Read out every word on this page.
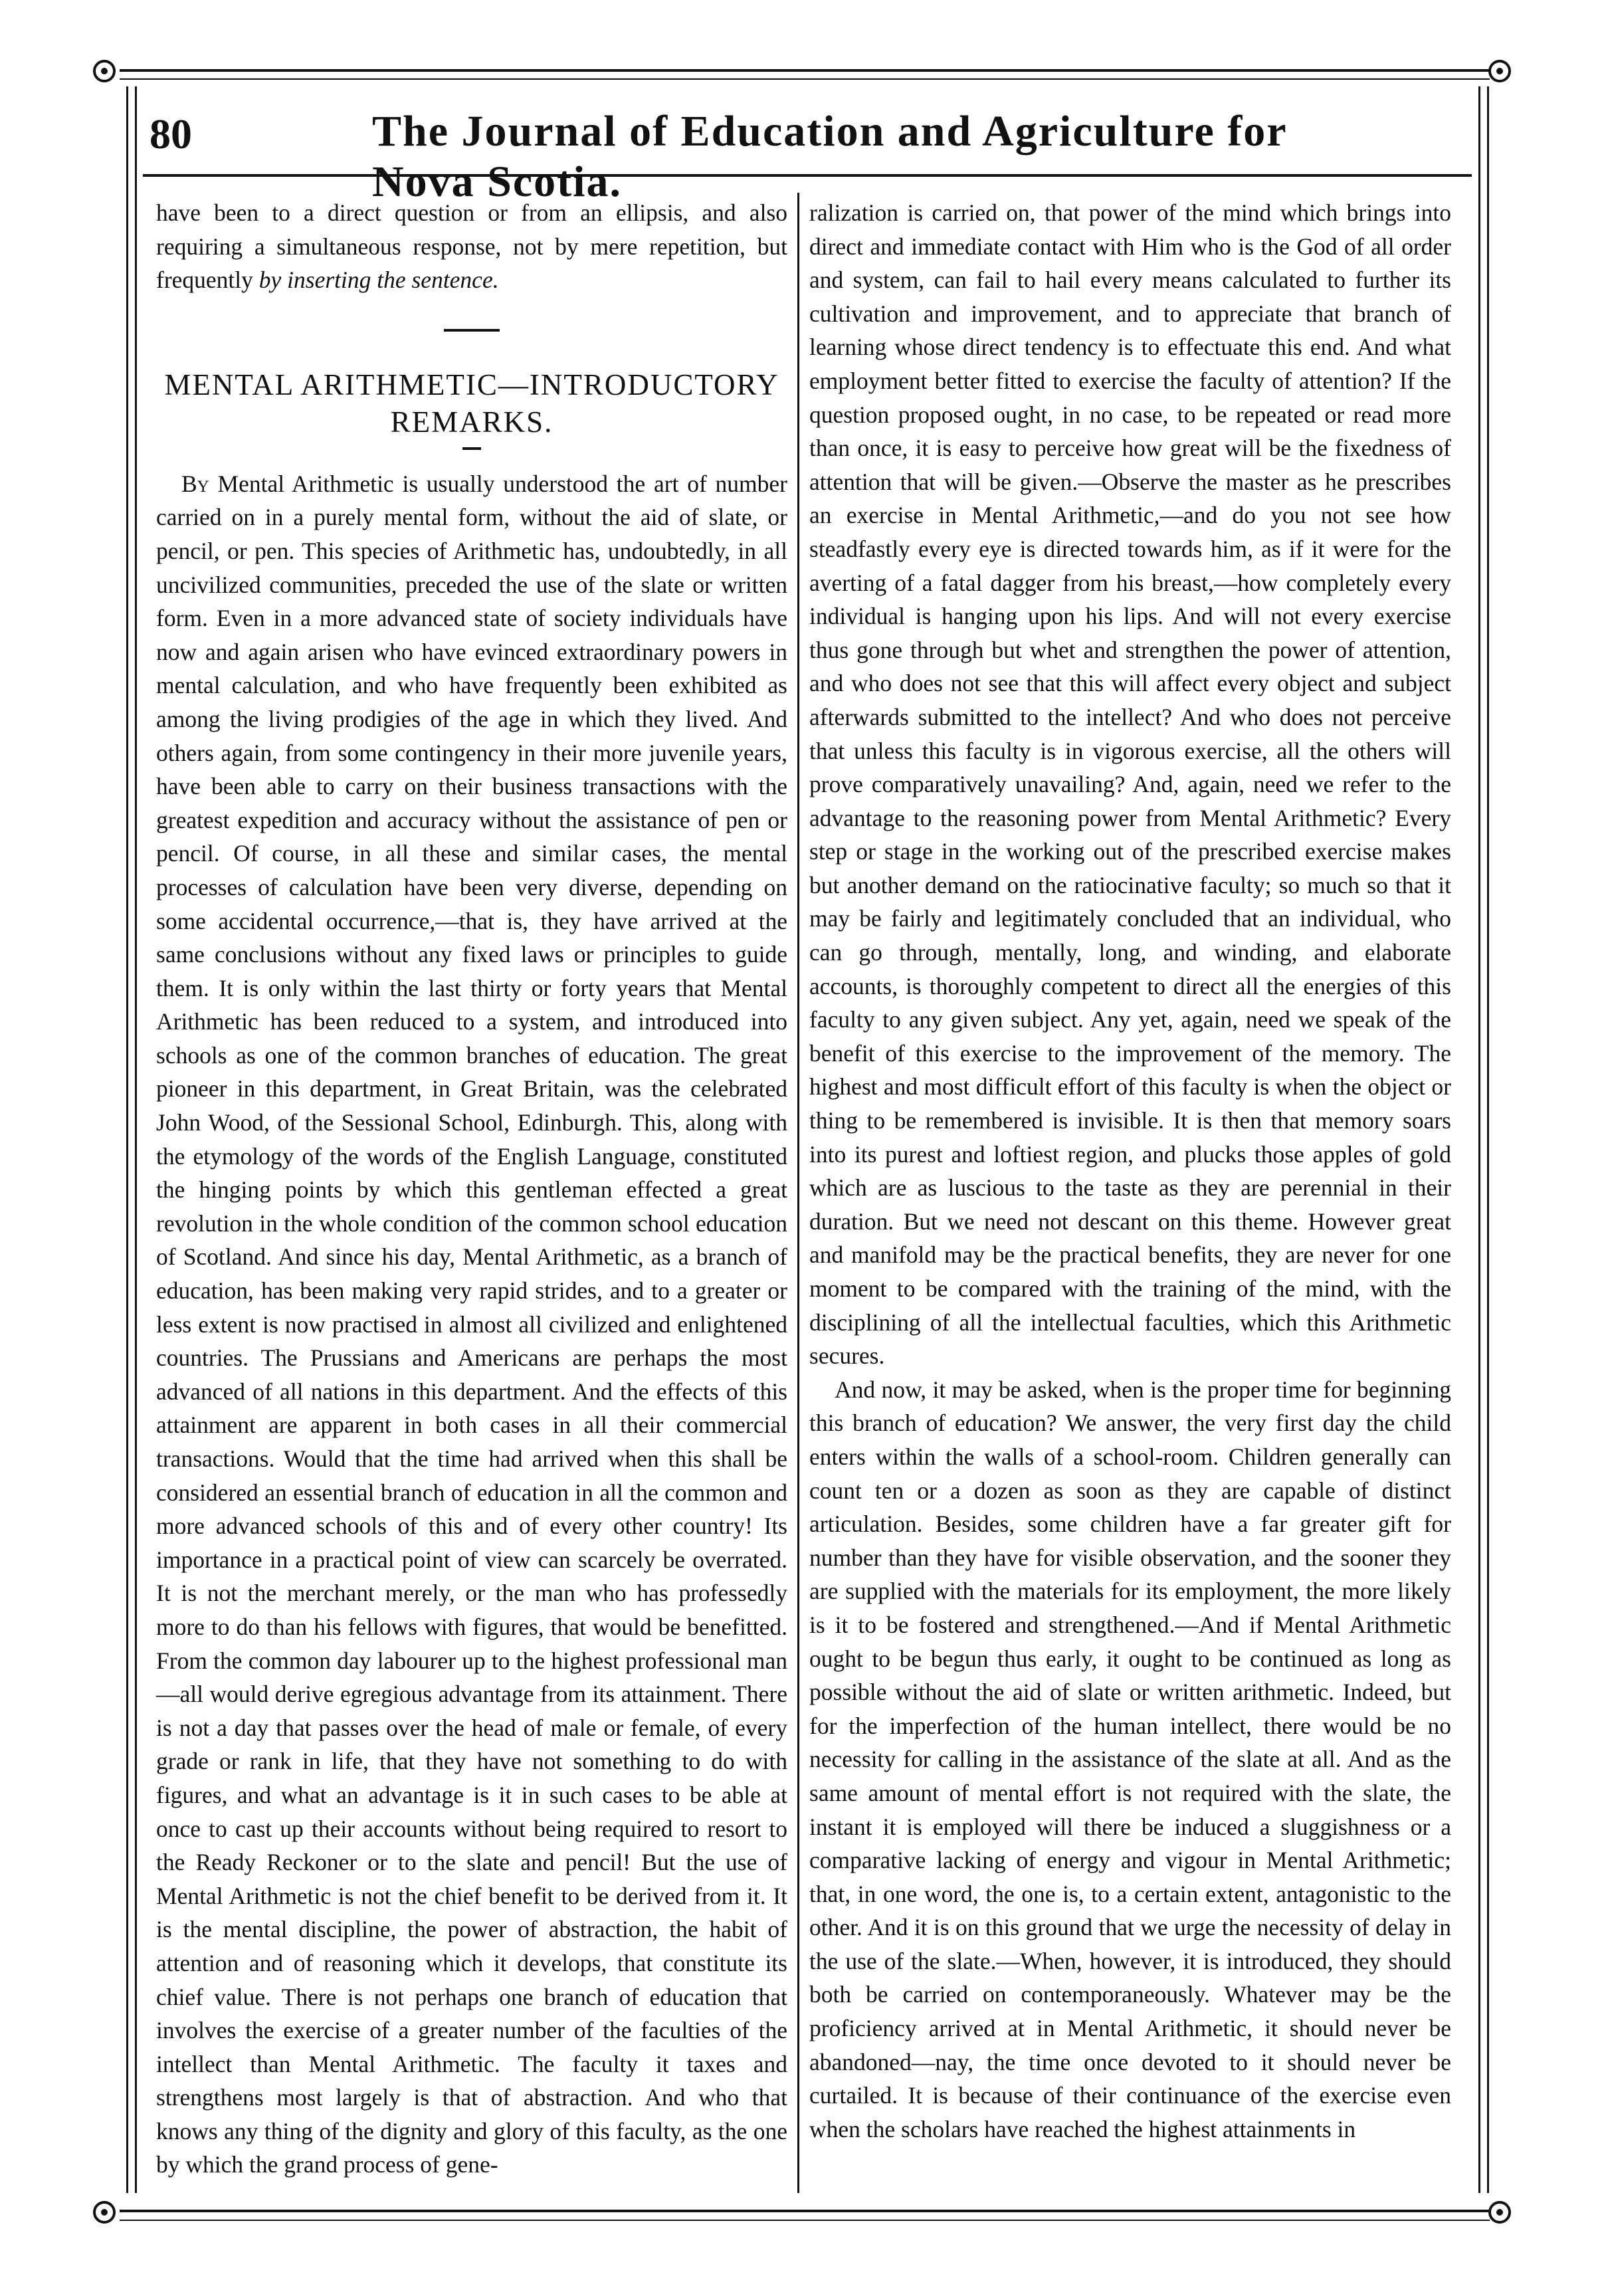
80	The Journal of Education and Agriculture for Nova Scotia.

have been to a direct question or from an ellipsis, and also requiring a simultaneous response, not by mere repetition, but frequently by inserting the sentence.

MENTAL ARITHMETIC—INTRODUCTORY REMARKS.

By Mental Arithmetic is usually understood the art of number carried on in a purely mental form, without the aid of slate, or pencil, or pen. This species of Arithmetic has, undoubtedly, in all uncivilized communities, preceded the use of the slate or written form. Even in a more advanced state of society individuals have now and again arisen who have evinced extraordinary powers in mental calculation, and who have frequently been exhibited as among the living prodigies of the age in which they lived. And others again, from some contingency in their more juvenile years, have been able to carry on their business transactions with the greatest expedition and accuracy without the assistance of pen or pencil. Of course, in all these and similar cases, the mental processes of calculation have been very diverse, depending on some accidental occurrence,—that is, they have arrived at the same conclusions without any fixed laws or principles to guide them. It is only within the last thirty or forty years that Mental Arithmetic has been reduced to a system, and introduced into schools as one of the common branches of education. The great pioneer in this department, in Great Britain, was the celebrated John Wood, of the Sessional School, Edinburgh. This, along with the etymology of the words of the English Language, constituted the hinging points by which this gentleman effected a great revolution in the whole condition of the common school education of Scotland. And since his day, Mental Arithmetic, as a branch of education, has been making very rapid strides, and to a greater or less extent is now practised in almost all civilized and enlightened countries. The Prussians and Americans are perhaps the most advanced of all nations in this department. And the effects of this attainment are apparent in both cases in all their commercial transactions. Would that the time had arrived when this shall be considered an essential branch of education in all the common and more advanced schools of this and of every other country! Its importance in a practical point of view can scarcely be overrated. It is not the merchant merely, or the man who has professedly more to do than his fellows with figures, that would be benefitted. From the common day labourer up to the highest professional man—all would derive egregious advantage from its attainment. There is not a day that passes over the head of male or female, of every grade or rank in life, that they have not something to do with figures, and what an advantage is it in such cases to be able at once to cast up their accounts without being required to resort to the Ready Reckoner or to the slate and pencil! But the use of Mental Arithmetic is not the chief benefit to be derived from it. It is the mental discipline, the power of abstraction, the habit of attention and of reasoning which it develops, that constitute its chief value. There is not perhaps one branch of education that involves the exercise of a greater number of the faculties of the intellect than Mental Arithmetic. The faculty it taxes and strengthens most largely is that of abstraction. And who that knows any thing of the dignity and glory of this faculty, as the one by which the grand process of gene-

ralization is carried on, that power of the mind which brings into direct and immediate contact with Him who is the God of all order and system, can fail to hail every means calculated to further its cultivation and improvement, and to appreciate that branch of learning whose direct tendency is to effectuate this end. And what employment better fitted to exercise the faculty of attention? If the question proposed ought, in no case, to be repeated or read more than once, it is easy to perceive how great will be the fixedness of attention that will be given.—Observe the master as he prescribes an exercise in Mental Arithmetic,—and do you not see how steadfastly every eye is directed towards him, as if it were for the averting of a fatal dagger from his breast,—how completely every individual is hanging upon his lips. And will not every exercise thus gone through but whet and strengthen the power of attention, and who does not see that this will affect every object and subject afterwards submitted to the intellect? And who does not perceive that unless this faculty is in vigorous exercise, all the others will prove comparatively unavailing? And, again, need we refer to the advantage to the reasoning power from Mental Arithmetic? Every step or stage in the working out of the prescribed exercise makes but another demand on the ratiocinative faculty; so much so that it may be fairly and legitimately concluded that an individual, who can go through, mentally, long, and winding, and elaborate accounts, is thoroughly competent to direct all the energies of this faculty to any given subject. Any yet, again, need we speak of the benefit of this exercise to the improvement of the memory. The highest and most difficult effort of this faculty is when the object or thing to be remembered is invisible. It is then that memory soars into its purest and loftiest region, and plucks those apples of gold which are as luscious to the taste as they are perennial in their duration. But we need not descant on this theme. However great and manifold may be the practical benefits, they are never for one moment to be compared with the training of the mind, with the disciplining of all the intellectual faculties, which this Arithmetic secures.

And now, it may be asked, when is the proper time for beginning this branch of education? We answer, the very first day the child enters within the walls of a school-room. Children generally can count ten or a dozen as soon as they are capable of distinct articulation. Besides, some children have a far greater gift for number than they have for visible observation, and the sooner they are supplied with the materials for its employment, the more likely is it to be fostered and strengthened.—And if Mental Arithmetic ought to be begun thus early, it ought to be continued as long as possible without the aid of slate or written arithmetic. Indeed, but for the imperfection of the human intellect, there would be no necessity for calling in the assistance of the slate at all. And as the same amount of mental effort is not required with the slate, the instant it is employed will there be induced a sluggishness or a comparative lacking of energy and vigour in Mental Arithmetic; that, in one word, the one is, to a certain extent, antagonistic to the other. And it is on this ground that we urge the necessity of delay in the use of the slate.—When, however, it is introduced, they should both be carried on contemporaneously. Whatever may be the proficiency arrived at in Mental Arithmetic, it should never be abandoned—nay, the time once devoted to it should never be curtailed. It is because of their continuance of the exercise even when the scholars have reached the highest attainments in
